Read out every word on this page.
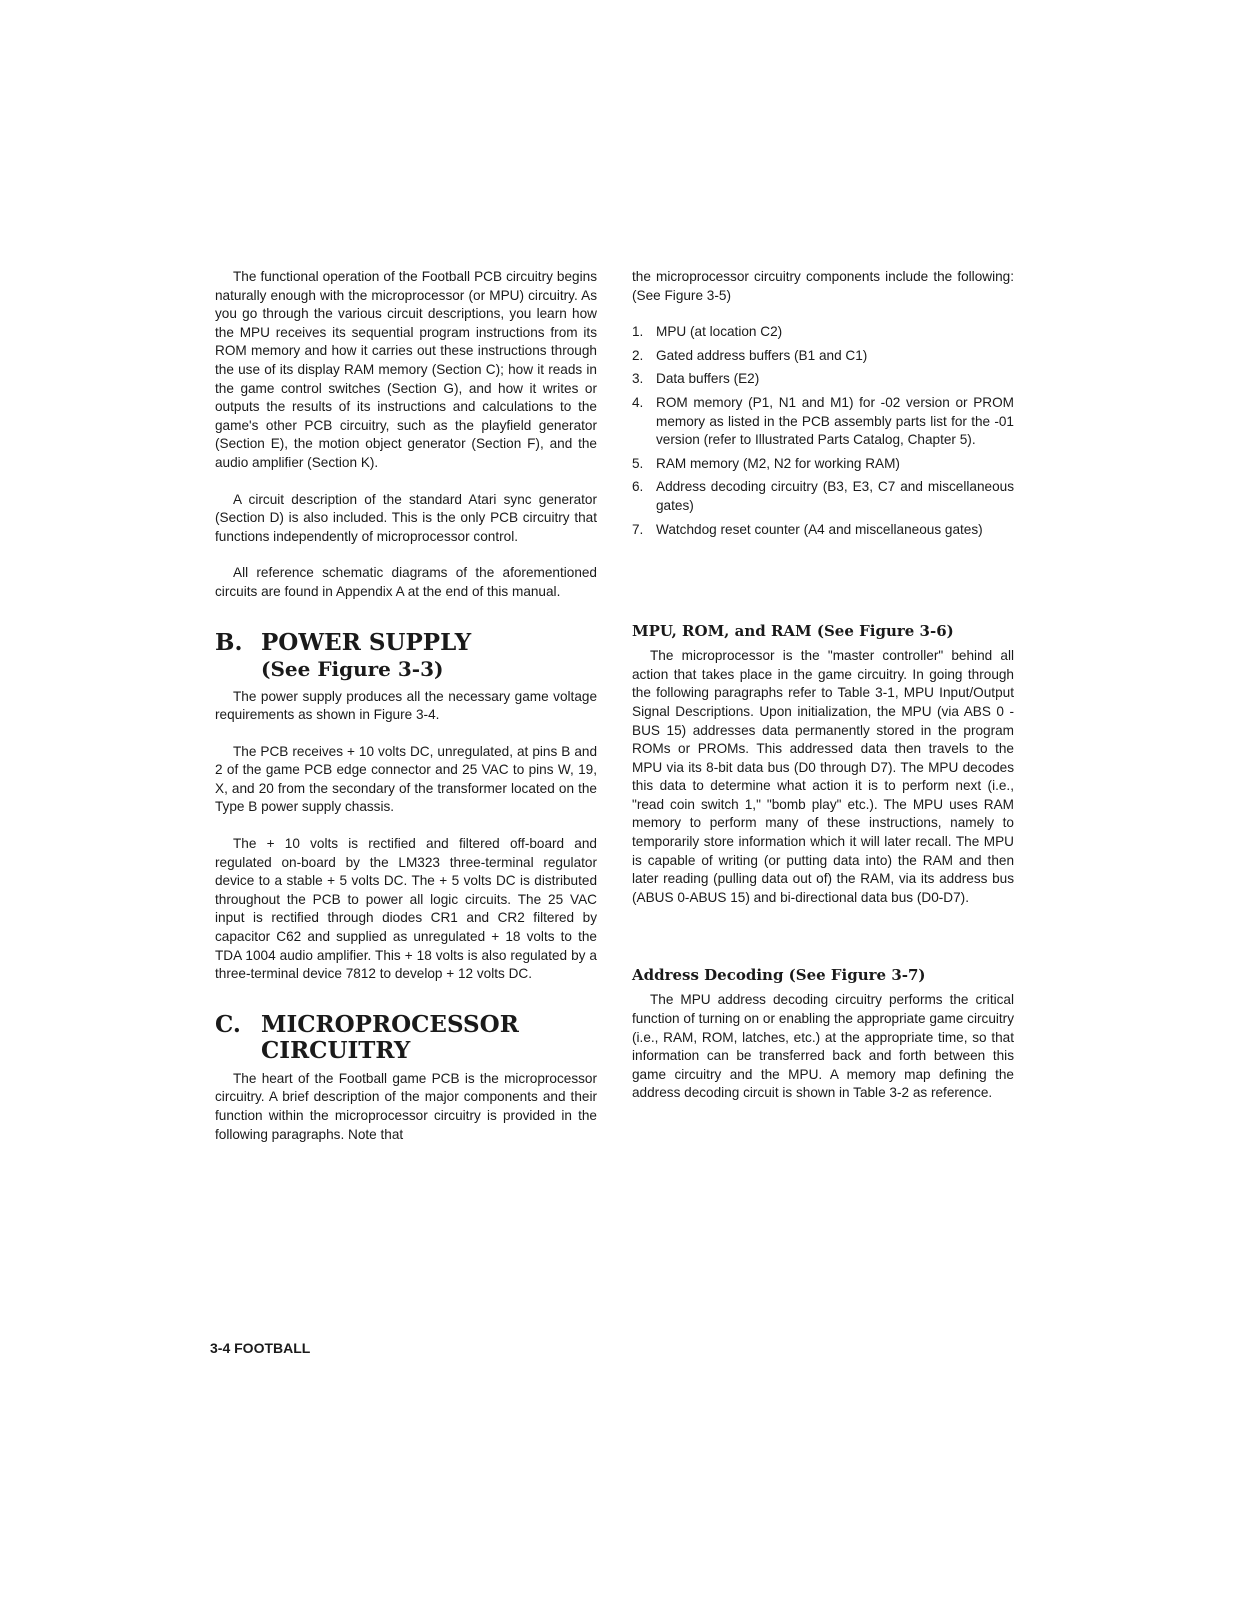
The functional operation of the Football PCB circuitry begins naturally enough with the microprocessor (or MPU) circuitry. As you go through the various circuit descriptions, you learn how the MPU receives its sequential program instructions from its ROM memory and how it carries out these instructions through the use of its display RAM memory (Section C); how it reads in the game control switches (Section G), and how it writes or outputs the results of its instructions and calculations to the game's other PCB circuitry, such as the playfield generator (Section E), the motion object generator (Section F), and the audio amplifier (Section K).

A circuit description of the standard Atari sync generator (Section D) is also included. This is the only PCB circuitry that functions independently of microprocessor control.

All reference schematic diagrams of the aforementioned circuits are found in Appendix A at the end of this manual.

B. POWER SUPPLY
(See Figure 3-3)

The power supply produces all the necessary game voltage requirements as shown in Figure 3-4.

The PCB receives + 10 volts DC, unregulated, at pins B and 2 of the game PCB edge connector and 25 VAC to pins W, 19, X, and 20 from the secondary of the transformer located on the Type B power supply chassis.

The + 10 volts is rectified and filtered off-board and regulated on-board by the LM323 three-terminal regulator device to a stable + 5 volts DC. The + 5 volts DC is distributed throughout the PCB to power all logic circuits. The 25 VAC input is rectified through diodes CR1 and CR2 filtered by capacitor C62 and supplied as unregulated + 18 volts to the TDA 1004 audio amplifier. This + 18 volts is also regulated by a three-terminal device 7812 to develop + 12 volts DC.

C. MICROPROCESSOR
CIRCUITRY

The heart of the Football game PCB is the microprocessor circuitry. A brief description of the major components and their function within the microprocessor circuitry is provided in the following paragraphs. Note that

the microprocessor circuitry components include the following: (See Figure 3-5)

1. MPU (at location C2)
2. Gated address buffers (B1 and C1)
3. Data buffers (E2)
4. ROM memory (P1, N1 and M1) for -02 version or PROM memory as listed in the PCB assembly parts list for the -01 version (refer to Illustrated Parts Catalog, Chapter 5).
5. RAM memory (M2, N2 for working RAM)
6. Address decoding circuitry (B3, E3, C7 and miscellaneous gates)
7. Watchdog reset counter (A4 and miscellaneous gates)
MPU, ROM, and RAM (See Figure 3-6)

The microprocessor is the "master controller" behind all action that takes place in the game circuitry. In going through the following paragraphs refer to Table 3-1, MPU Input/Output Signal Descriptions. Upon initialization, the MPU (via ABS 0 - BUS 15) addresses data permanently stored in the program ROMs or PROMs. This addressed data then travels to the MPU via its 8-bit data bus (D0 through D7). The MPU decodes this data to determine what action it is to perform next (i.e., "read coin switch 1," "bomb play" etc.). The MPU uses RAM memory to perform many of these instructions, namely to temporarily store information which it will later recall. The MPU is capable of writing (or putting data into) the RAM and then later reading (pulling data out of) the RAM, via its address bus (ABUS 0-ABUS 15) and bi-directional data bus (D0-D7).

Address Decoding (See Figure 3-7)

The MPU address decoding circuitry performs the critical function of turning on or enabling the appropriate game circuitry (i.e., RAM, ROM, latches, etc.) at the appropriate time, so that information can be transferred back and forth between this game circuitry and the MPU. A memory map defining the address decoding circuit is shown in Table 3-2 as reference.

3-4 FOOTBALL
